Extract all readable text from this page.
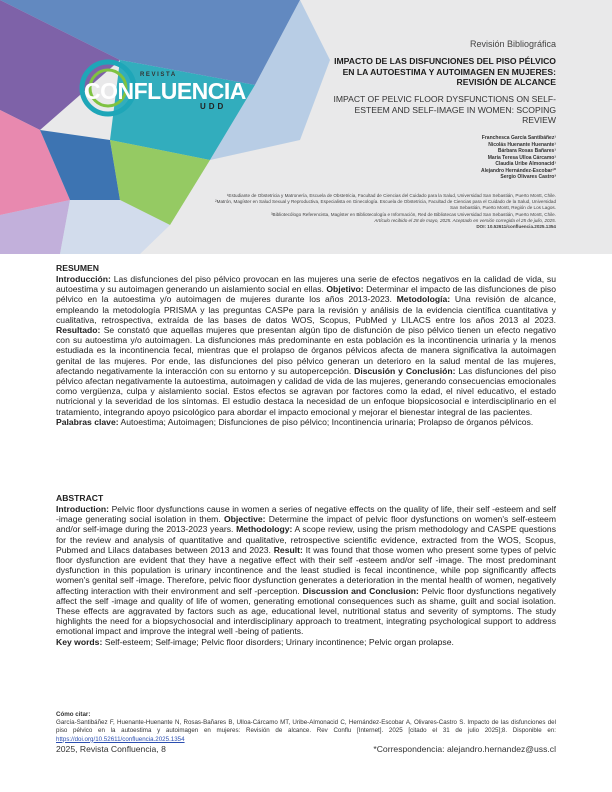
REVISTA
CONFLUENCIA
UDD
Revisión Bibliográfica
IMPACTO DE LAS DISFUNCIONES DEL PISO PÉLVICO EN LA AUTOESTIMA Y AUTOIMAGEN EN MUJERES: REVISIÓN DE ALCANCE
IMPACT OF PELVIC FLOOR DYSFUNCTIONS ON SELF-ESTEEM AND SELF-IMAGE IN WOMEN: SCOPING REVIEW
Franchesca García Santibáñez¹
Nicolás Huenante Huenante¹
Bárbara Rosas Bañares¹
María Teresa Ulloa Cárcamo¹
Claudia Uribe Almonacid¹
Alejandro Hernández-Escobar²*
Sergio Olivares Castro³
¹Estudiante de Obstetricia y Matronería, Escuela de Obstetricia, Facultad de Ciencias del Cuidado para la Salud, Universidad San Sebastián, Puerto Montt, Chile.
²Matrón, Magíster en Salud Sexual y Reproductiva, Especialista en Ginecología. Escuela de Obstetricia, Facultad de Ciencias para el Cuidado de la Salud, Universidad
San Sebastián, Puerto Montt, Región de Los Lagos.
³Bibliotecólogo Referencista, Magíster en Bibliotecología e Información, Red de Bibliotecas Universidad San Sebastián, Puerto Montt, Chile.
Artículo recibido el 28 de mayo, 2025. Aceptado en versión corregida el 25 de julio, 2025.
DOI: 10.52611/confluencia.2025.1354
RESUMEN
Introducción: Las disfunciones del piso pélvico provocan en las mujeres una serie de efectos negativos en la calidad de vida, su autoestima y su autoimagen generando un aislamiento social en ellas. Objetivo: Determinar el impacto de las disfunciones de piso pélvico en la autoestima y/o autoimagen de mujeres durante los años 2013-2023. Metodología: Una revisión de alcance, empleando la metodología PRISMA y las preguntas CASPe para la revisión y análisis de la evidencia científica cuantitativa y cualitativa, retrospectiva, extraída de las bases de datos WOS, Scopus, PubMed y LILACS entre los años 2013 al 2023. Resultado: Se constató que aquellas mujeres que presentan algún tipo de disfunción de piso pélvico tienen un efecto negativo con su autoestima y/o autoimagen. La disfunciones más predominante en esta población es la incontinencia urinaria y la menos estudiada es la incontinencia fecal, mientras que el prolapso de órganos pélvicos afecta de manera significativa la autoimagen genital de las mujeres. Por ende, las disfunciones del piso pélvico generan un deterioro en la salud mental de las mujeres, afectando negativamente la interacción con su entorno y su autopercepción. Discusión y Conclusión: Las disfunciones del piso pélvico afectan negativamente la autoestima, autoimagen y calidad de vida de las mujeres, generando consecuencias emocionales como vergüenza, culpa y aislamiento social. Estos efectos se agravan por factores como la edad, el nivel educativo, el estado nutricional y la severidad de los síntomas. El estudio destaca la necesidad de un enfoque biopsicosocial e interdisciplinario en el tratamiento, integrando apoyo psicológico para abordar el impacto emocional y mejorar el bienestar integral de las pacientes.
Palabras clave: Autoestima; Autoimagen; Disfunciones de piso pélvico; Incontinencia urinaria; Prolapso de órganos pélvicos.
ABSTRACT
Introduction: Pelvic floor dysfunctions cause in women a series of negative effects on the quality of life, their self -esteem and self -image generating social isolation in them. Objective: Determine the impact of pelvic floor dysfunctions on women's self-esteem and/or self-image during the 2013-2023 years. Methodology: A scope review, using the prism methodology and CASPE questions for the review and analysis of quantitative and qualitative, retrospective scientific evidence, extracted from the WOS, Scopus, Pubmed and Lilacs databases between 2013 and 2023. Result: It was found that those women who present some types of pelvic floor dysfunction are evident that they have a negative effect with their self -esteem and/or self -image. The most predominant dysfunction in this population is urinary incontinence and the least studied is fecal incontinence, while pop significantly affects women's genital self -image. Therefore, pelvic floor dysfunction generates a deterioration in the mental health of women, negatively affecting interaction with their environment and self -perception. Discussion and Conclusion: Pelvic floor dysfunctions negatively affect the self -image and quality of life of women, generating emotional consequences such as shame, guilt and social isolation. These effects are aggravated by factors such as age, educational level, nutritional status and severity of symptoms. The study highlights the need for a biopsychosocial and interdisciplinary approach to treatment, integrating psychological support to address emotional impact and improve the integral well -being of patients.
Key words: Self-esteem; Self-image; Pelvic floor disorders; Urinary incontinence; Pelvic organ prolapse.
Cómo citar:
García-Santibáñez F, Huenante-Huenante N, Rosas-Bañares B, Ulloa-Cárcamo MT, Uribe-Almonacid C, Hernández-Escobar A, Olivares-Castro S. Impacto de las disfunciones del piso pélvico en la autoestima y autoimagen en mujeres: Revisión de alcance. Rev Conflu [Internet]. 2025 [citado el 31 de julio 2025];8. Disponible en: https://doi.org/10.52611/confluencia.2025.1354
2025, Revista Confluencia, 8	*Correspondencia: alejandro.hernandez@uss.cl
